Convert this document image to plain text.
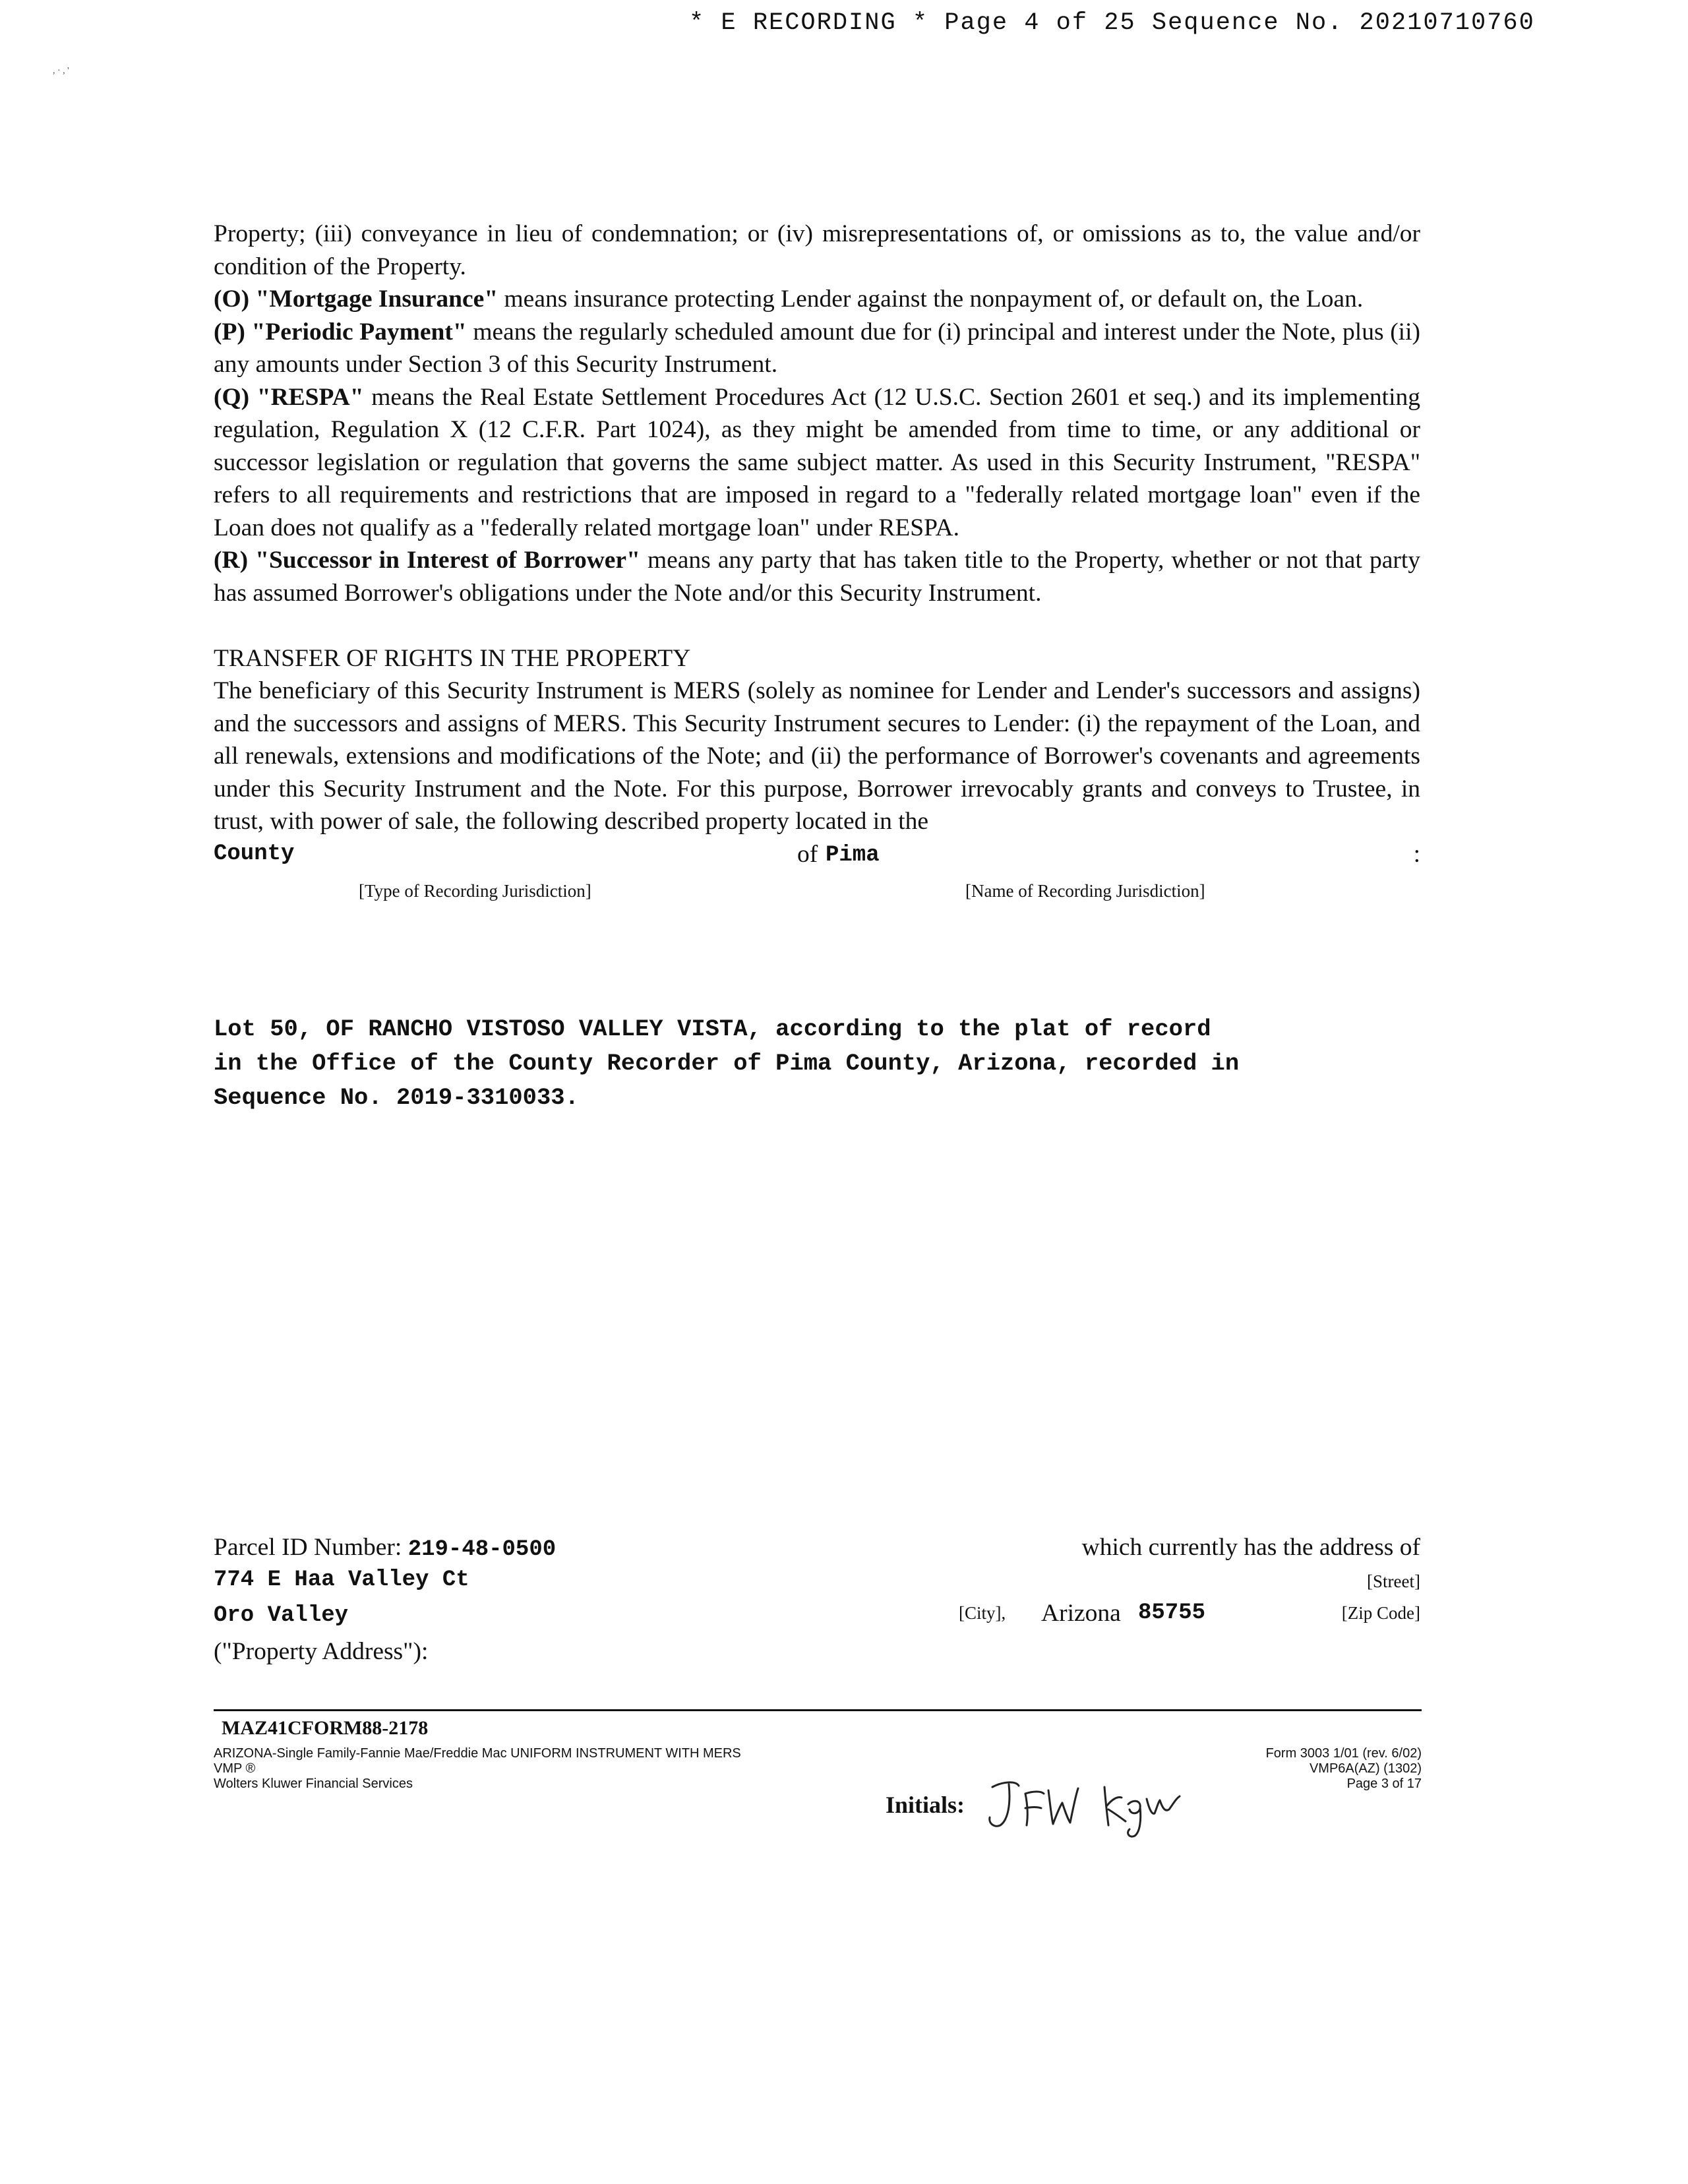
* E RECORDING * Page 4 of 25 Sequence No. 20210710760
, · , '

Property; (iii) conveyance in lieu of condemnation; or (iv) misrepresentations of, or omissions as to, the value and/or condition of the Property.

(O) "Mortgage Insurance" means insurance protecting Lender against the nonpayment of, or default on, the Loan.

(P) "Periodic Payment" means the regularly scheduled amount due for (i) principal and interest under the Note, plus (ii) any amounts under Section 3 of this Security Instrument.

(Q) "RESPA" means the Real Estate Settlement Procedures Act (12 U.S.C. Section 2601 et seq.) and its implementing regulation, Regulation X (12 C.F.R. Part 1024), as they might be amended from time to time, or any additional or successor legislation or regulation that governs the same subject matter. As used in this Security Instrument, "RESPA" refers to all requirements and restrictions that are imposed in regard to a "federally related mortgage loan" even if the Loan does not qualify as a "federally related mortgage loan" under RESPA.

(R) "Successor in Interest of Borrower" means any party that has taken title to the Property, whether or not that party has assumed Borrower's obligations under the Note and/or this Security Instrument.

TRANSFER OF RIGHTS IN THE PROPERTY

The beneficiary of this Security Instrument is MERS (solely as nominee for Lender and Lender's successors and assigns) and the successors and assigns of MERS. This Security Instrument secures to Lender: (i) the repayment of the Loan, and all renewals, extensions and modifications of the Note; and (ii) the performance of Borrower's covenants and agreements under this Security Instrument and the Note. For this purpose, Borrower irrevocably grants and conveys to Trustee, in trust, with power of sale, the following described property located in the

County	of Pima	:
[Type of Recording Jurisdiction]	[Name of Recording Jurisdiction]
Lot 50, OF RANCHO VISTOSO VALLEY VISTA, according to the plat of record
in the Office of the County Recorder of Pima County, Arizona, recorded in
Sequence No. 2019-3310033.
Parcel ID Number: 219-48-0500	which currently has the address of
774 E Haa Valley Ct	[Street]
Oro Valley	[City], Arizona 85755	[Zip Code]
("Property Address"):
MAZ41CFORM88-2178
ARIZONA-Single Family-Fannie Mae/Freddie Mac UNIFORM INSTRUMENT WITH MERS
VMP ®
Wolters Kluwer Financial Services
Form 3003 1/01 (rev. 6/02)
VMP6A(AZ) (1302)
Page 3 of 17
Initials:
